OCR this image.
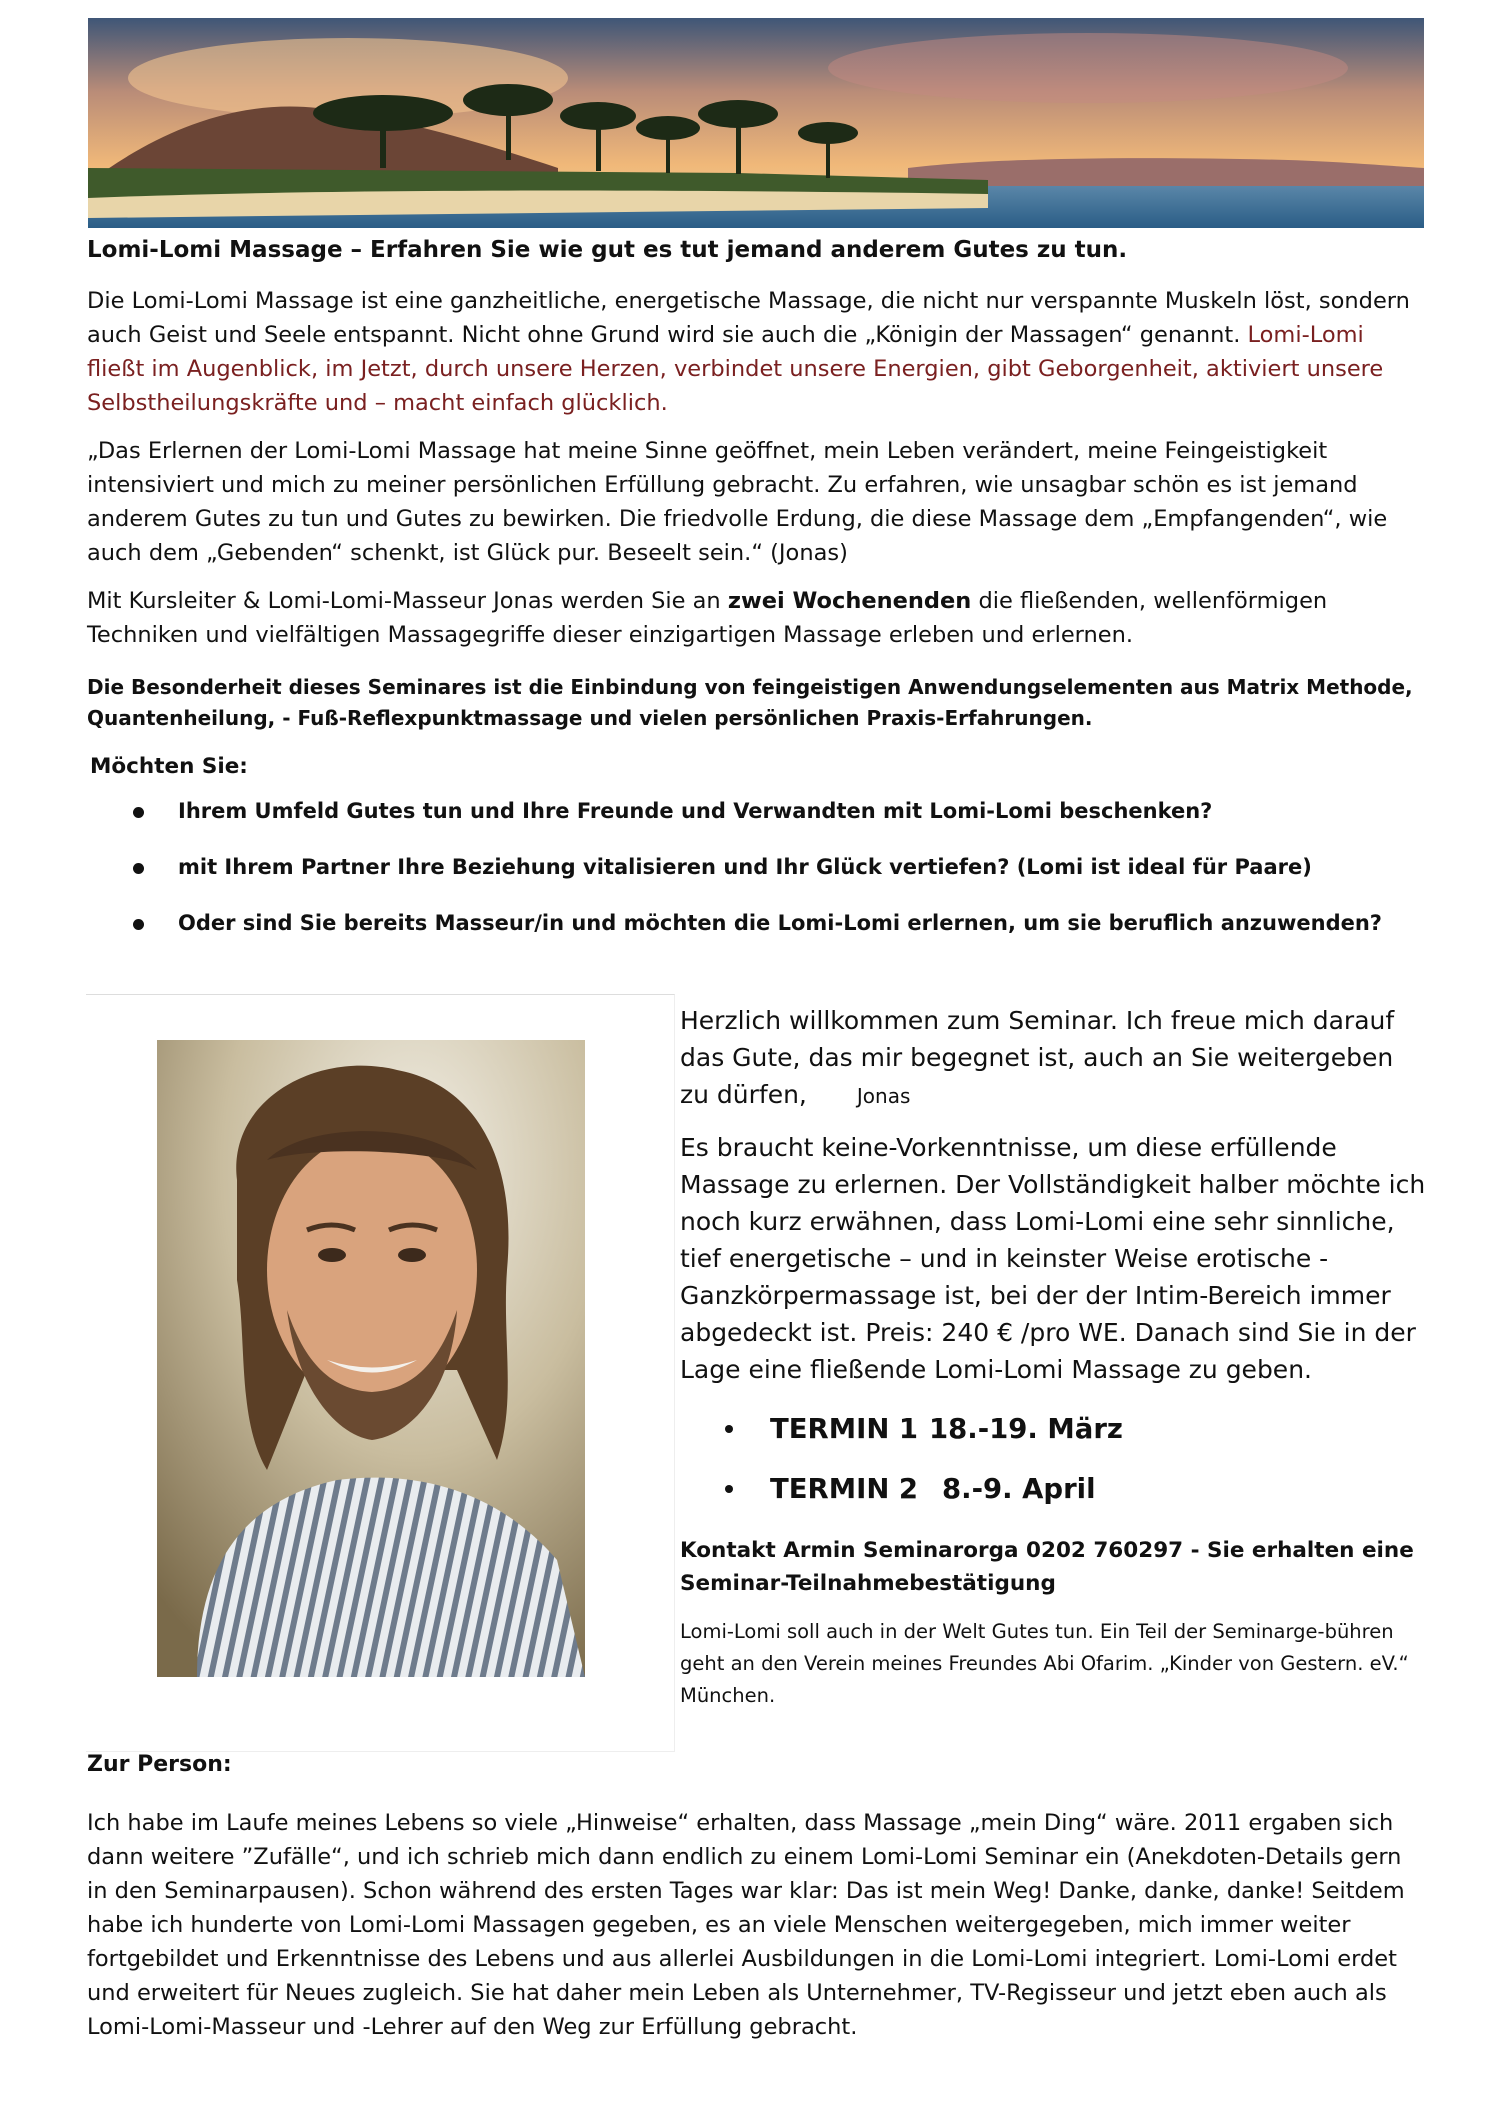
Lomi-Lomi Massage – Erfahren Sie wie gut es tut jemand anderem Gutes zu tun.

Die Lomi-Lomi Massage ist eine ganzheitliche, energetische Massage, die nicht nur verspannte Muskeln löst, sondern auch Geist und Seele entspannt. Nicht ohne Grund wird sie auch die „Königin der Massagen“ genannt. Lomi-Lomi fließt im Augenblick, im Jetzt, durch unsere Herzen, verbindet unsere Energien, gibt Geborgenheit, aktiviert unsere Selbstheilungskräfte und – macht einfach glücklich.

„Das Erlernen der Lomi-Lomi Massage hat meine Sinne geöffnet, mein Leben verändert, meine Feingeistigkeit intensiviert und mich zu meiner persönlichen Erfüllung gebracht. Zu erfahren, wie unsagbar schön es ist jemand anderem Gutes zu tun und Gutes zu bewirken. Die friedvolle Erdung, die diese Massage dem „Empfangenden“, wie auch dem „Gebenden“ schenkt, ist Glück pur. Beseelt sein.“ (Jonas)

Mit Kursleiter & Lomi-Lomi-Masseur Jonas werden Sie an zwei Wochenenden die fließenden, wellenförmigen Techniken und vielfältigen Massagegriffe dieser einzigartigen Massage erleben und erlernen.

Die Besonderheit dieses Seminares ist die Einbindung von feingeistigen Anwendungselementen aus Matrix Methode, Quantenheilung, - Fuß-Reflexpunktmassage und vielen persönlichen Praxis-Erfahrungen.

Möchten Sie:
Ihrem Umfeld Gutes tun und Ihre Freunde und Verwandten mit Lomi-Lomi beschenken?
mit Ihrem Partner Ihre Beziehung vitalisieren und Ihr Glück vertiefen? (Lomi ist ideal für Paare)
Oder sind Sie bereits Masseur/in und möchten die Lomi-Lomi erlernen, um sie beruflich anzuwenden?

Herzlich willkommen zum Seminar. Ich freue mich darauf das Gute, das mir begegnet ist, auch an Sie weitergeben zu dürfen,	Jonas

Es braucht keine-Vorkenntnisse, um diese erfüllende Massage zu erlernen. Der Vollständigkeit halber möchte ich noch kurz erwähnen, dass Lomi-Lomi eine sehr sinnliche, tief energetische – und in keinster Weise erotische - Ganzkörpermassage ist, bei der der Intim-Bereich immer abgedeckt ist. Preis: 240 € /pro WE. Danach sind Sie in der Lage eine fließende Lomi-Lomi Massage zu geben.

TERMIN 1 18.-19. März
TERMIN 2 8.-9. April

Kontakt Armin Seminarorga 0202 760297 - Sie erhalten eine Seminar-Teilnahmebestätigung

Lomi-Lomi soll auch in der Welt Gutes tun. Ein Teil der Seminarge-bühren geht an den Verein meines Freundes Abi Ofarim. „Kinder von Gestern. eV.“ München.

Zur Person:

Ich habe im Laufe meines Lebens so viele „Hinweise“ erhalten, dass Massage „mein Ding“ wäre. 2011 ergaben sich dann weitere ”Zufälle“, und ich schrieb mich dann endlich zu einem Lomi-Lomi Seminar ein (Anekdoten-Details gern in den Seminarpausen). Schon während des ersten Tages war klar: Das ist mein Weg! Danke, danke, danke! Seitdem habe ich hunderte von Lomi-Lomi Massagen gegeben, es an viele Menschen weitergegeben, mich immer weiter fortgebildet und Erkenntnisse des Lebens und aus allerlei Ausbildungen in die Lomi-Lomi integriert. Lomi-Lomi erdet und erweitert für Neues zugleich. Sie hat daher mein Leben als Unternehmer, TV-Regisseur und jetzt eben auch als Lomi-Lomi-Masseur und -Lehrer auf den Weg zur Erfüllung gebracht.
